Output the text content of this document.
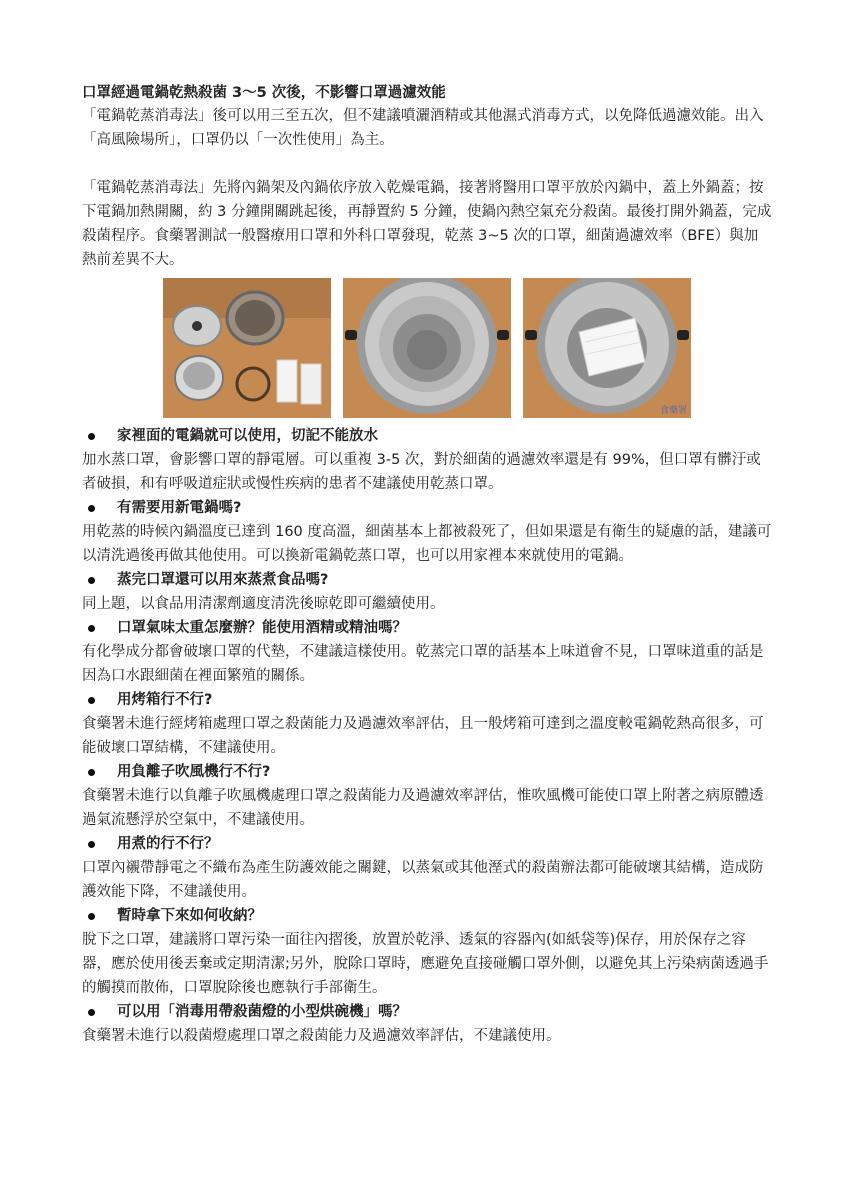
口罩經過電鍋乾熱殺菌 3～5 次後，不影響口罩過濾效能

「電鍋乾蒸消毒法」後可以用三至五次，但不建議噴灑酒精或其他濕式消毒方式，以免降低過濾效能。出入「高風險場所」，口罩仍以「一次性使用」為主。

「電鍋乾蒸消毒法」先將內鍋架及內鍋依序放入乾燥電鍋，接著將醫用口罩平放於內鍋中，蓋上外鍋蓋；按下電鍋加熱開關，約 3 分鐘開關跳起後，再靜置約 5 分鐘，使鍋內熱空氣充分殺菌。最後打開外鍋蓋，完成殺菌程序。食藥署測試一般醫療用口罩和外科口罩發現，乾蒸 3~5 次的口罩，細菌過濾效率（BFE）與加熱前差異不大。

食藥署

家裡面的電鍋就可以使用，切記不能放水

加水蒸口罩，會影響口罩的靜電層。可以重複 3-5 次，對於細菌的過濾效率還是有 99%，但口罩有髒汙或者破損，和有呼吸道症狀或慢性疾病的患者不建議使用乾蒸口罩。

有需要用新電鍋嗎?

用乾蒸的時候內鍋溫度已達到 160 度高溫，細菌基本上都被殺死了，但如果還是有衛生的疑慮的話，建議可以清洗過後再做其他使用。可以換新電鍋乾蒸口罩，也可以用家裡本來就使用的電鍋。

蒸完口罩還可以用來蒸煮食品嗎?

同上題，以食品用清潔劑適度清洗後晾乾即可繼續使用。

口罩氣味太重怎麼辦？能使用酒精或精油嗎？

有化學成分都會破壞口罩的代墊，不建議這樣使用。乾蒸完口罩的話基本上味道會不見，口罩味道重的話是因為口水跟細菌在裡面繁殖的關係。

用烤箱行不行?

食藥署未進行經烤箱處理口罩之殺菌能力及過濾效率評估，且一般烤箱可達到之溫度較電鍋乾熱高很多，可能破壞口罩結構，不建議使用。

用負離子吹風機行不行?

食藥署未進行以負離子吹風機處理口罩之殺菌能力及過濾效率評估，惟吹風機可能使口罩上附著之病原體透過氣流懸浮於空氣中，不建議使用。

用煮的行不行？

口罩內襯帶靜電之不織布為產生防護效能之關鍵，以蒸氣或其他溼式的殺菌辦法都可能破壞其結構，造成防護效能下降，不建議使用。

暫時拿下來如何收納？

脫下之口罩，建議將口罩污染一面往內摺後，放置於乾淨、透氣的容器內(如紙袋等)保存，用於保存之容器，應於使用後丟棄或定期清潔;另外，脫除口罩時，應避免直接碰觸口罩外側，以避免其上污染病菌透過手的觸摸而散佈，口罩脫除後也應執行手部衛生。

可以用「消毒用帶殺菌燈的小型烘碗機」嗎？

食藥署未進行以殺菌燈處理口罩之殺菌能力及過濾效率評估，不建議使用。
